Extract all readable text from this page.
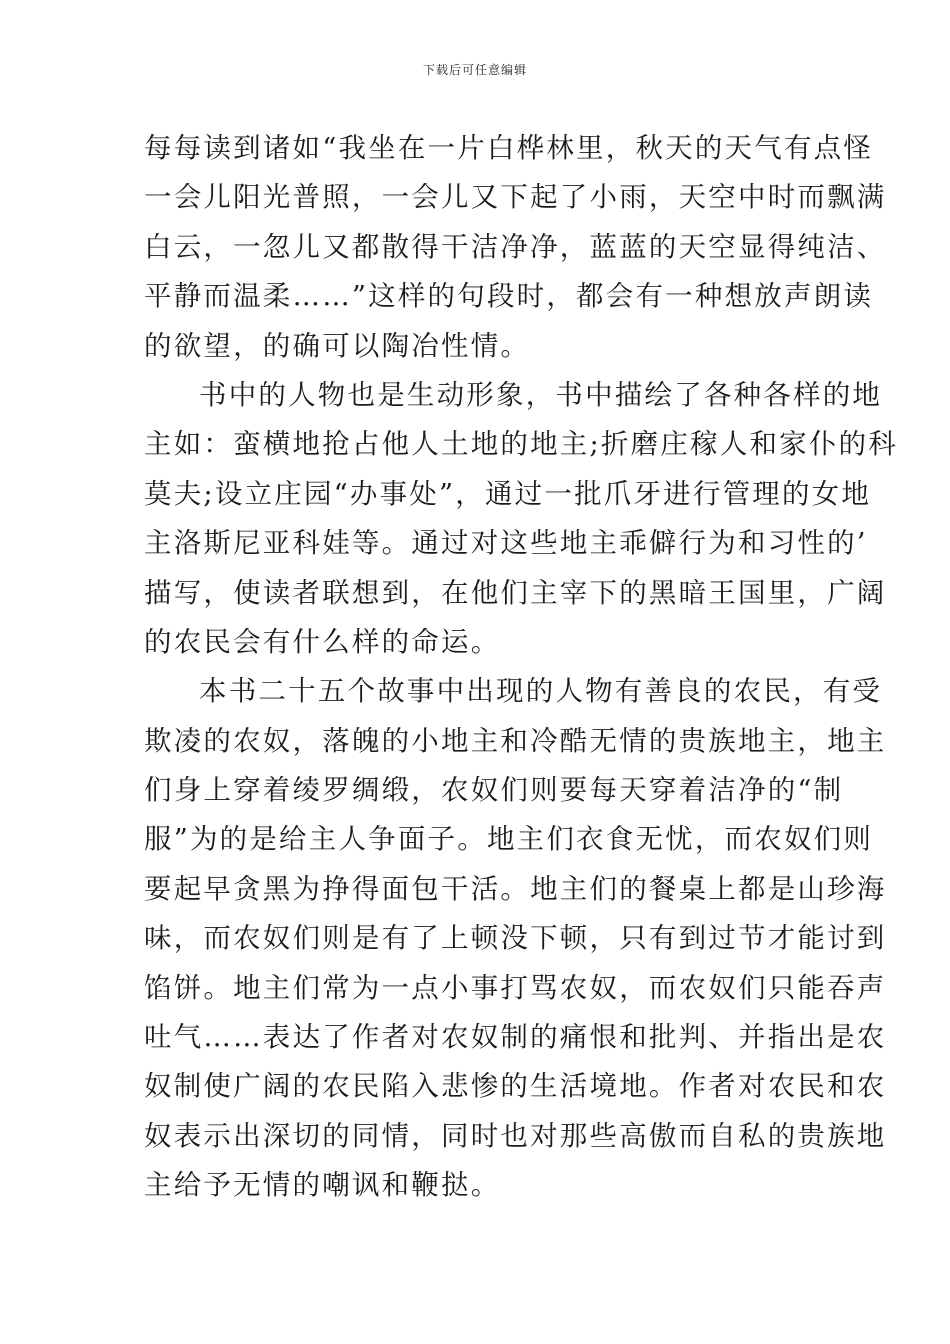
下载后可任意编辑
每每读到诸如“我坐在一片白桦林里，秋天的天气有点怪
一会儿阳光普照，一会儿又下起了小雨，天空中时而飘满
白云，一忽儿又都散得干洁净净，蓝蓝的天空显得纯洁、
平静而温柔……”这样的句段时，都会有一种想放声朗读
的欲望，的确可以陶冶性情。
书中的人物也是生动形象，书中描绘了各种各样的地
主如：蛮横地抢占他人土地的地主;折磨庄稼人和家仆的科
莫夫;设立庄园“办事处”，通过一批爪牙进行管理的女地
主洛斯尼亚科娃等。通过对这些地主乖僻行为和习性的’
描写，使读者联想到，在他们主宰下的黑暗王国里，广阔
的农民会有什么样的命运。
本书二十五个故事中出现的人物有善良的农民，有受
欺凌的农奴，落魄的小地主和冷酷无情的贵族地主，地主
们身上穿着绫罗绸缎，农奴们则要每天穿着洁净的“制
服”为的是给主人争面子。地主们衣食无忧，而农奴们则
要起早贪黑为挣得面包干活。地主们的餐桌上都是山珍海
味，而农奴们则是有了上顿没下顿，只有到过节才能讨到
馅饼。地主们常为一点小事打骂农奴，而农奴们只能吞声
吐气……表达了作者对农奴制的痛恨和批判、并指出是农
奴制使广阔的农民陷入悲惨的生活境地。作者对农民和农
奴表示出深切的同情，同时也对那些高傲而自私的贵族地
主给予无情的嘲讽和鞭挞。
